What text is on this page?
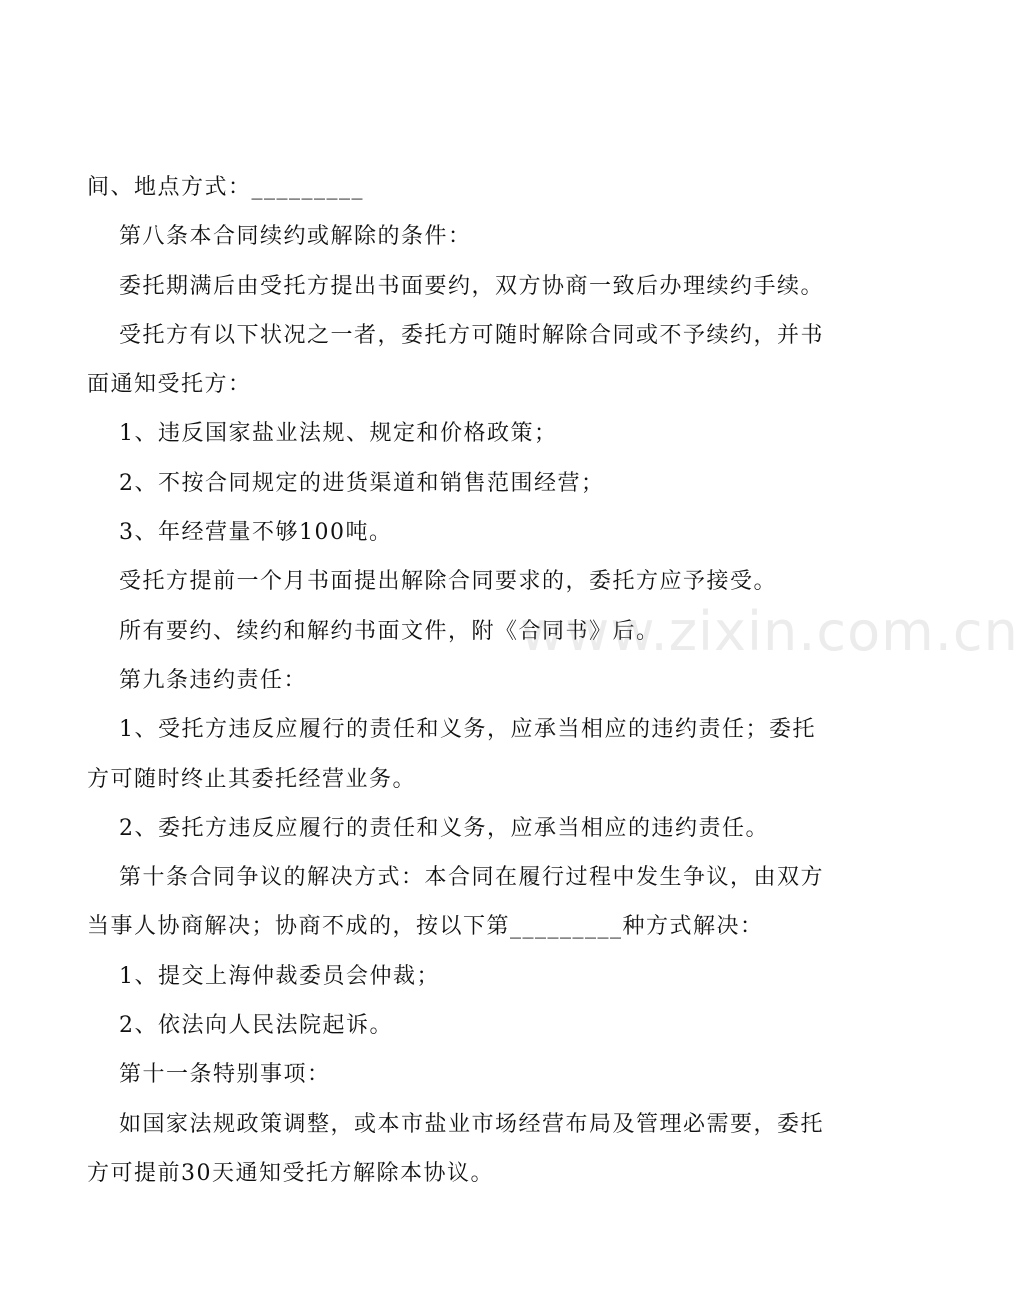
间、地点方式：_________

第八条本合同续约或解除的条件：

委托期满后由受托方提出书面要约，双方协商一致后办理续约手续。

受托方有以下状况之一者，委托方可随时解除合同或不予续约，并书面通知受托方：

1、违反国家盐业法规、规定和价格政策；

2、不按合同规定的进货渠道和销售范围经营；

3、年经营量不够100吨。

受托方提前一个月书面提出解除合同要求的，委托方应予接受。

所有要约、续约和解约书面文件，附《合同书》后。

第九条违约责任：

1、受托方违反应履行的责任和义务，应承当相应的违约责任；委托方可随时终止其委托经营业务。

2、委托方违反应履行的责任和义务，应承当相应的违约责任。

第十条合同争议的解决方式：本合同在履行过程中发生争议，由双方当事人协商解决；协商不成的，按以下第_________种方式解决：

1、提交上海仲裁委员会仲裁；

2、依法向人民法院起诉。

第十一条特别事项：

如国家法规政策调整，或本市盐业市场经营布局及管理必需要，委托方可提前30天通知受托方解除本协议。

www.zixin.com.cn
